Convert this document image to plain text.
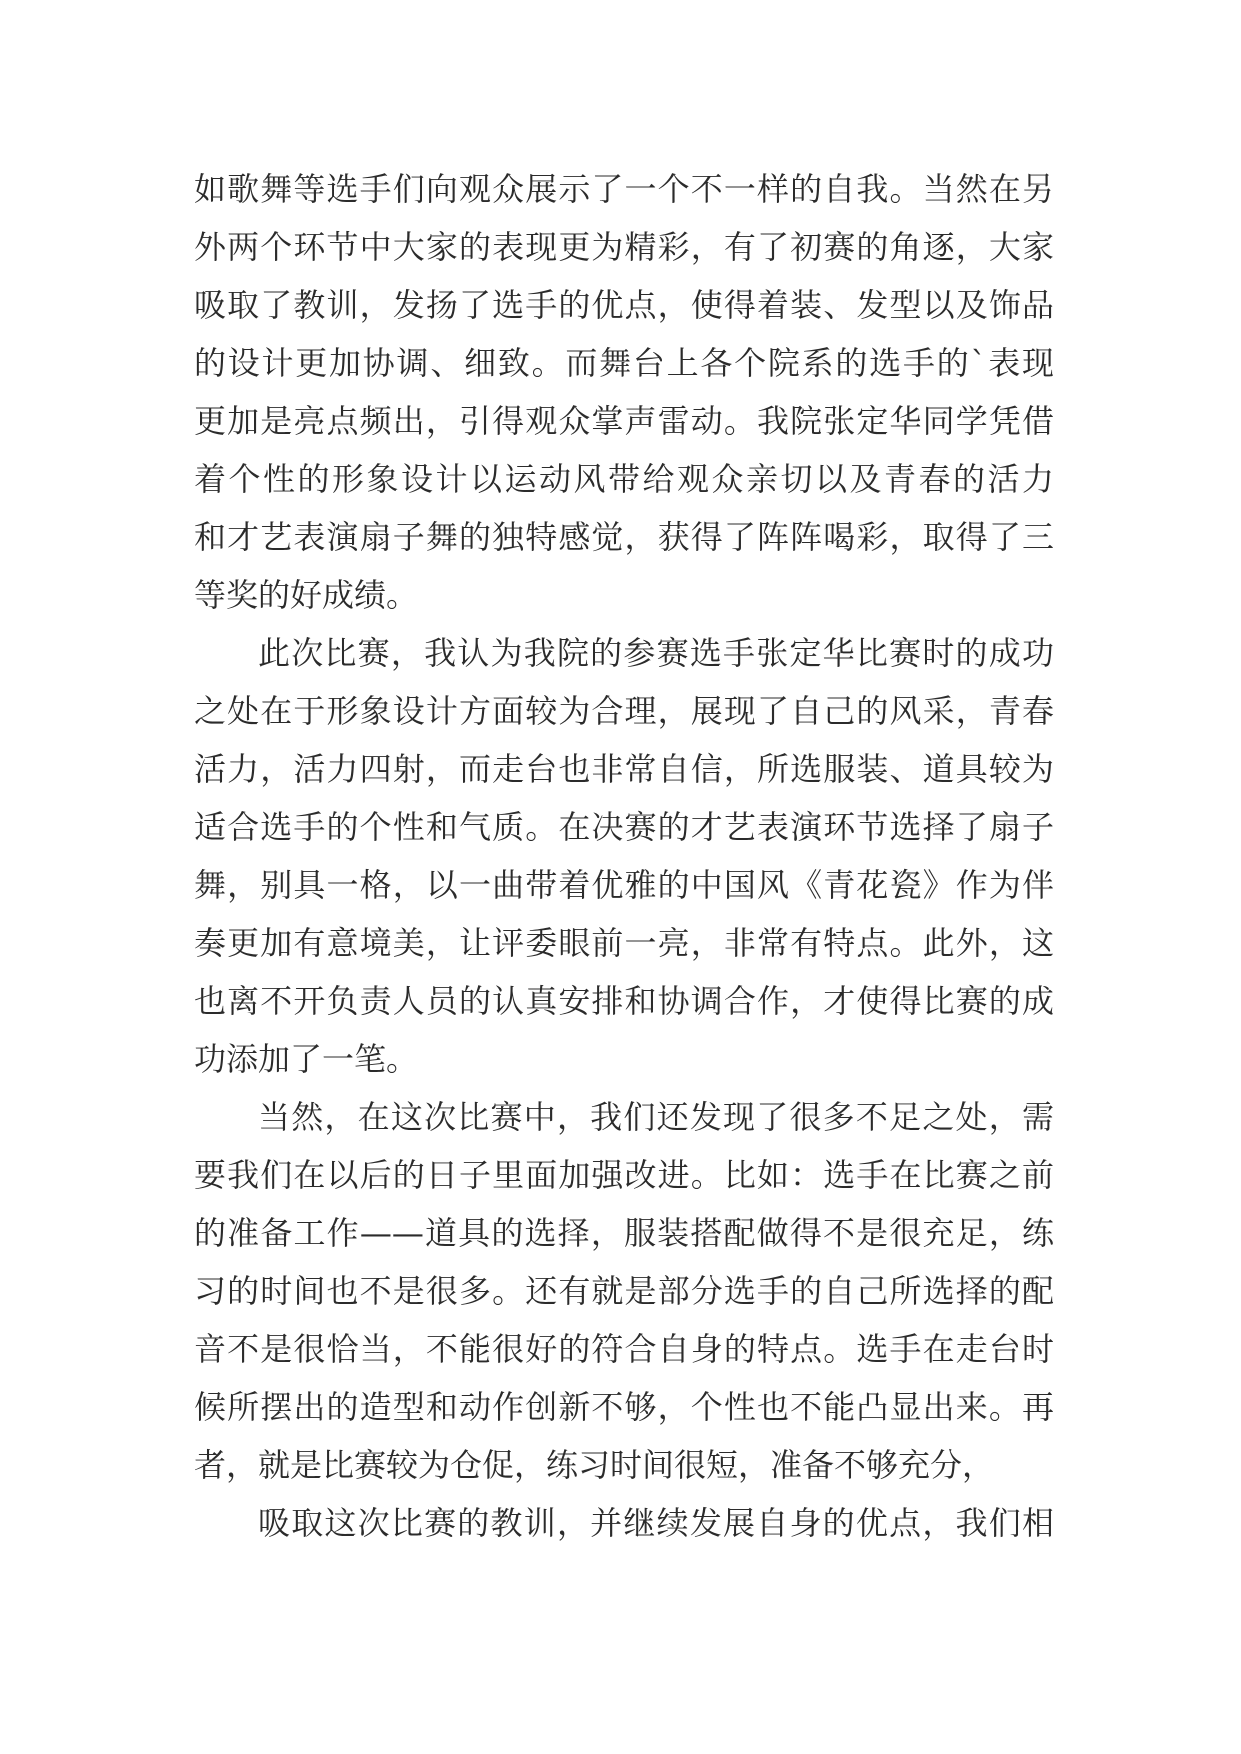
如歌舞等选手们向观众展示了一个不一样的自我。当然在另
外两个环节中大家的表现更为精彩，有了初赛的角逐，大家
吸取了教训，发扬了选手的优点，使得着装、发型以及饰品
的设计更加协调、细致。而舞台上各个院系的选手的`表现
更加是亮点频出，引得观众掌声雷动。我院张定华同学凭借
着个性的形象设计以运动风带给观众亲切以及青春的活力
和才艺表演扇子舞的独特感觉，获得了阵阵喝彩，取得了三
等奖的好成绩。
此次比赛，我认为我院的参赛选手张定华比赛时的成功
之处在于形象设计方面较为合理，展现了自己的风采，青春
活力，活力四射，而走台也非常自信，所选服装、道具较为
适合选手的个性和气质。在决赛的才艺表演环节选择了扇子
舞，别具一格，以一曲带着优雅的中国风《青花瓷》作为伴
奏更加有意境美，让评委眼前一亮，非常有特点。此外，这
也离不开负责人员的认真安排和协调合作，才使得比赛的成
功添加了一笔。
当然，在这次比赛中，我们还发现了很多不足之处，需
要我们在以后的日子里面加强改进。比如：选手在比赛之前
的准备工作——道具的选择，服装搭配做得不是很充足，练
习的时间也不是很多。还有就是部分选手的自己所选择的配
音不是很恰当，不能很好的符合自身的特点。选手在走台时
候所摆出的造型和动作创新不够，个性也不能凸显出来。再
者，就是比赛较为仓促，练习时间很短，准备不够充分，
吸取这次比赛的教训，并继续发展自身的优点，我们相
